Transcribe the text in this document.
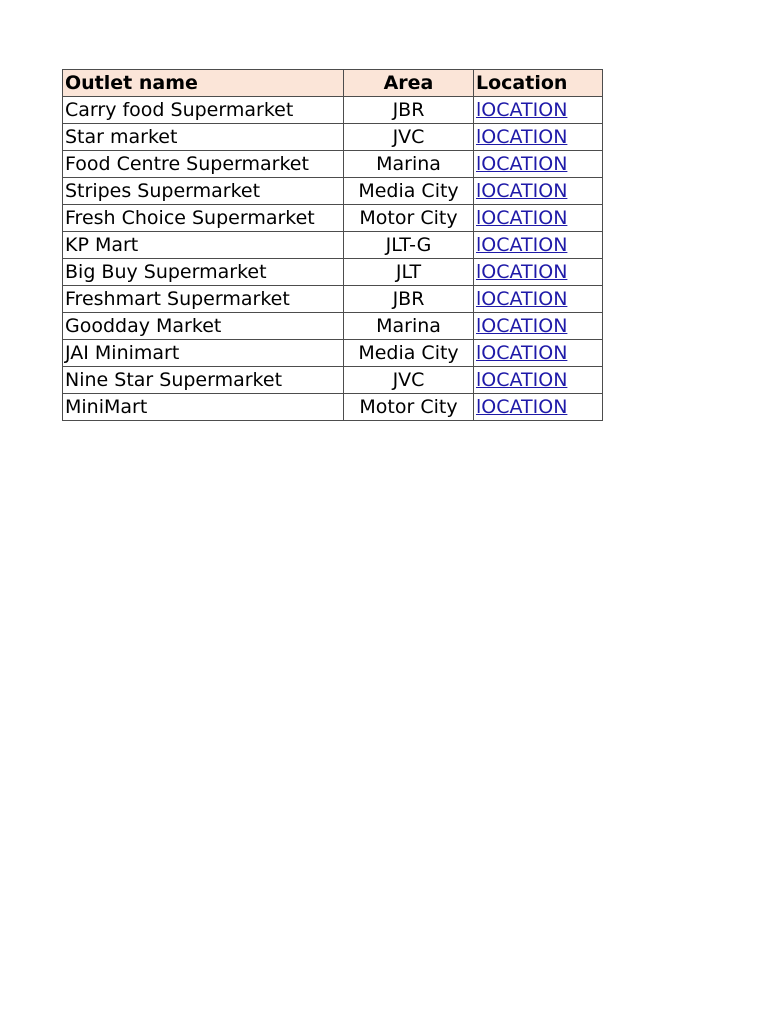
Outlet name	Area	Location
Carry food Supermarket	JBR	lOCATION
Star market	JVC	lOCATION
Food Centre Supermarket	Marina	lOCATION
Stripes Supermarket	Media City	lOCATION
Fresh Choice Supermarket	Motor City	lOCATION
KP Mart	JLT-G	lOCATION
Big Buy Supermarket	JLT	lOCATION
Freshmart Supermarket	JBR	lOCATION
Goodday Market	Marina	lOCATION
JAI Minimart	Media City	lOCATION
Nine Star Supermarket	JVC	lOCATION
MiniMart	Motor City	lOCATION
